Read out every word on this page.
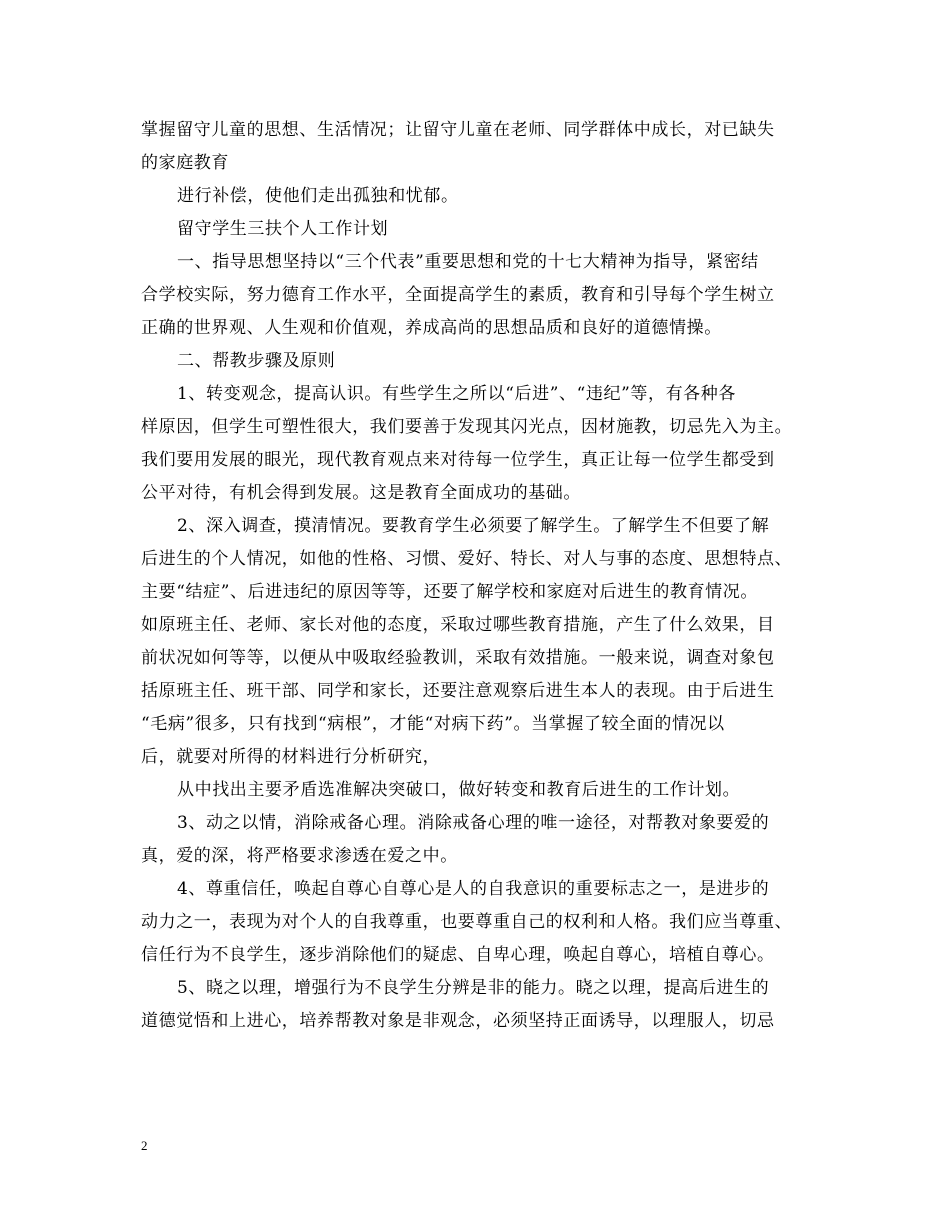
掌握留守儿童的思想、生活情况；让留守儿童在老师、同学群体中成长，对已缺失
的家庭教育
进行补偿，使他们走出孤独和忧郁。
留守学生三扶个人工作计划
一、指导思想坚持以“三个代表”重要思想和党的十七大精神为指导，紧密结
合学校实际，努力德育工作水平，全面提高学生的素质，教育和引导每个学生树立
正确的世界观、人生观和价值观，养成高尚的思想品质和良好的道德情操。
二、帮教步骤及原则
1、转变观念，提高认识。有些学生之所以“后进”、“违纪”等，有各种各
样原因，但学生可塑性很大，我们要善于发现其闪光点，因材施教，切忌先入为主。
我们要用发展的眼光，现代教育观点来对待每一位学生，真正让每一位学生都受到
公平对待，有机会得到发展。这是教育全面成功的基础。
2、深入调查，摸清情况。要教育学生必须要了解学生。了解学生不但要了解
后进生的个人情况，如他的性格、习惯、爱好、特长、对人与事的态度、思想特点、
主要“结症”、后进违纪的原因等等，还要了解学校和家庭对后进生的教育情况。
如原班主任、老师、家长对他的态度，采取过哪些教育措施，产生了什么效果，目
前状况如何等等，以便从中吸取经验教训，采取有效措施。一般来说，调查对象包
括原班主任、班干部、同学和家长，还要注意观察后进生本人的表现。由于后进生
“毛病”很多，只有找到“病根”，才能“对病下药”。当掌握了较全面的情况以
后，就要对所得的材料进行分析研究，
从中找出主要矛盾选准解决突破口，做好转变和教育后进生的工作计划。
3、动之以情，消除戒备心理。消除戒备心理的唯一途径，对帮教对象要爱的
真，爱的深，将严格要求渗透在爱之中。
4、尊重信任，唤起自尊心自尊心是人的自我意识的重要标志之一，是进步的
动力之一，表现为对个人的自我尊重，也要尊重自己的权利和人格。我们应当尊重、
信任行为不良学生，逐步消除他们的疑虑、自卑心理，唤起自尊心，培植自尊心。
5、晓之以理，增强行为不良学生分辨是非的能力。晓之以理，提高后进生的
道德觉悟和上进心，培养帮教对象是非观念，必须坚持正面诱导，以理服人，切忌
2
